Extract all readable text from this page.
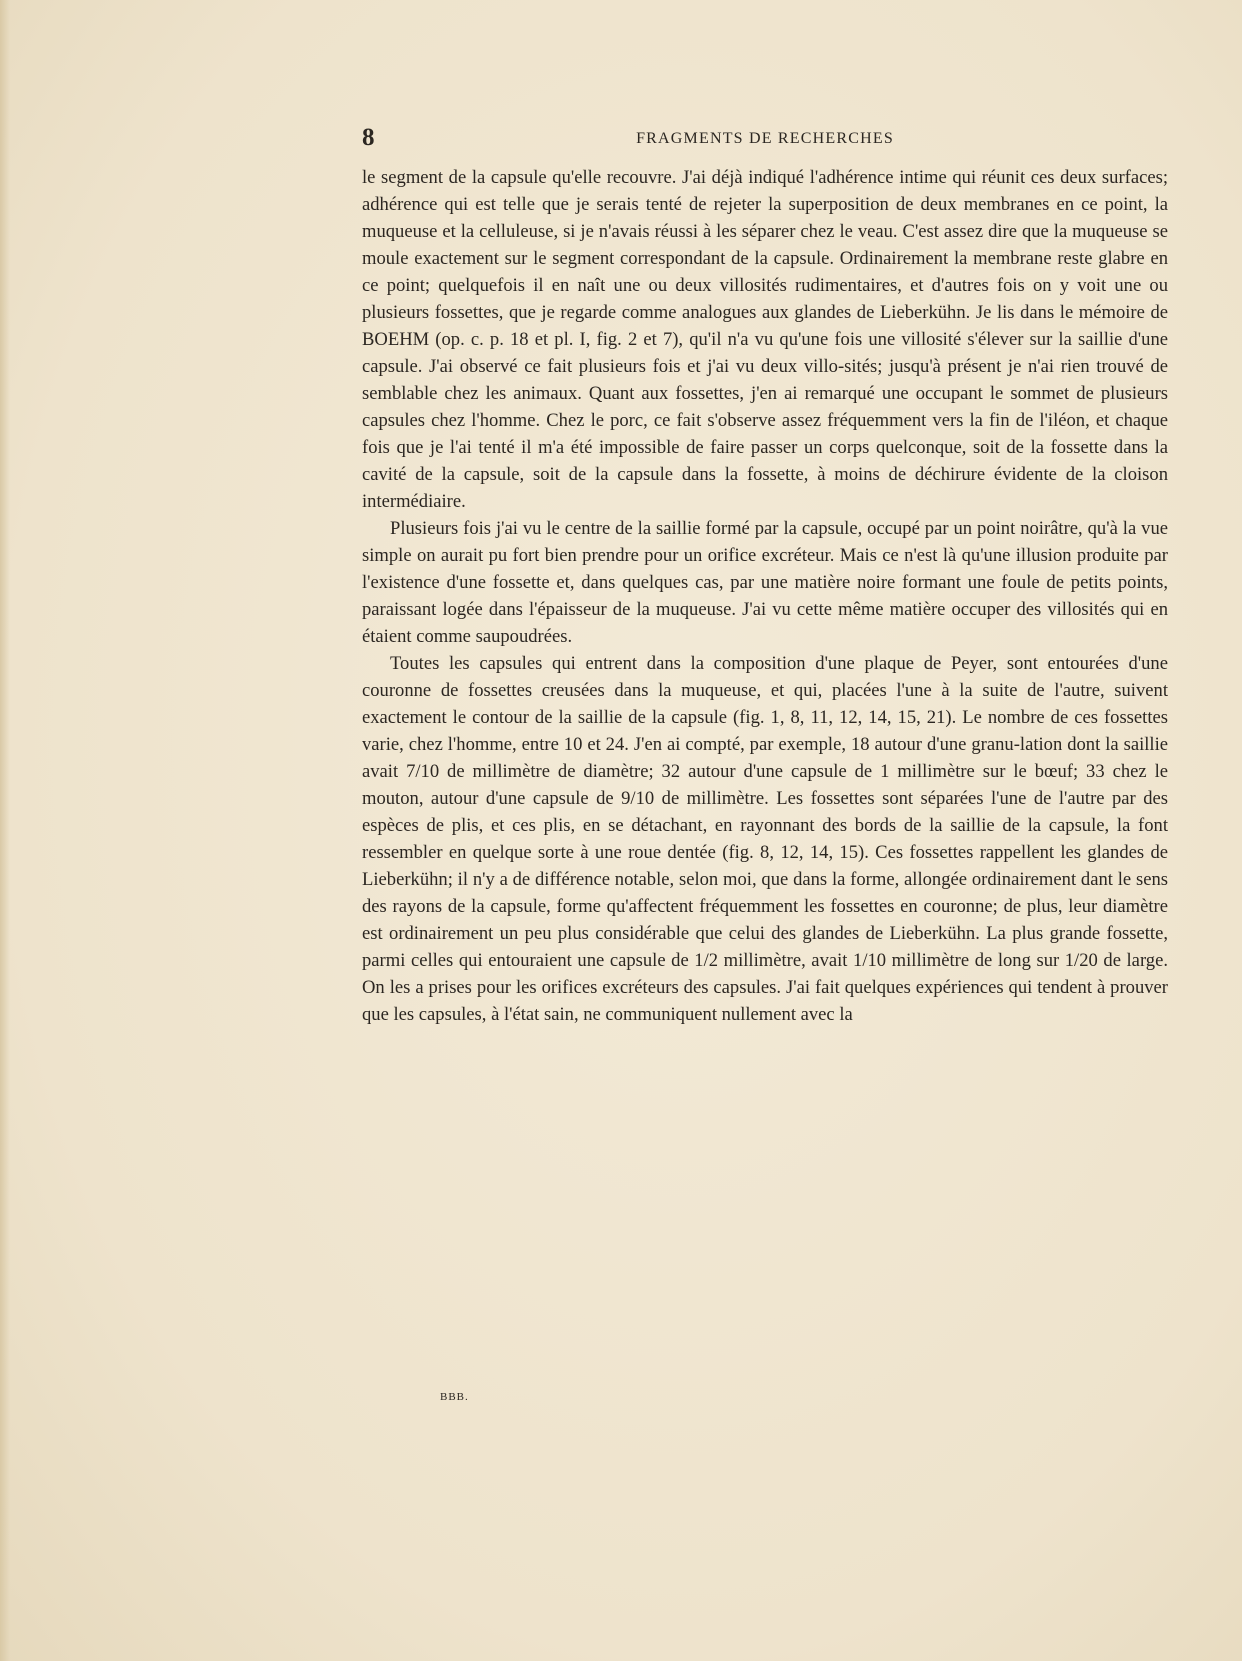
8	FRAGMENTS DE RECHERCHES

le segment de la capsule qu'elle recouvre. J'ai déjà indiqué l'adhérence intime qui réunit ces deux surfaces; adhérence qui est telle que je serais tenté de rejeter la superposition de deux membranes en ce point, la muqueuse et la celluleuse, si je n'avais réussi à les séparer chez le veau. C'est assez dire que la muqueuse se moule exactement sur le segment correspondant de la capsule. Ordinairement la membrane reste glabre en ce point; quelquefois il en naît une ou deux villosités rudimentaires, et d'autres fois on y voit une ou plusieurs fossettes, que je regarde comme analogues aux glandes de Lieberkühn. Je lis dans le mémoire de BOEHM (op. c. p. 18 et pl. I, fig. 2 et 7), qu'il n'a vu qu'une fois une villosité s'élever sur la saillie d'une capsule. J'ai observé ce fait plusieurs fois et j'ai vu deux villo-sités; jusqu'à présent je n'ai rien trouvé de semblable chez les animaux. Quant aux fossettes, j'en ai remarqué une occupant le sommet de plusieurs capsules chez l'homme. Chez le porc, ce fait s'observe assez fréquemment vers la fin de l'iléon, et chaque fois que je l'ai tenté il m'a été impossible de faire passer un corps quelconque, soit de la fossette dans la cavité de la capsule, soit de la capsule dans la fossette, à moins de déchirure évidente de la cloison intermédiaire.

Plusieurs fois j'ai vu le centre de la saillie formé par la capsule, occupé par un point noirâtre, qu'à la vue simple on aurait pu fort bien prendre pour un orifice excréteur. Mais ce n'est là qu'une illusion produite par l'existence d'une fossette et, dans quelques cas, par une matière noire formant une foule de petits points, paraissant logée dans l'épaisseur de la muqueuse. J'ai vu cette même matière occuper des villosités qui en étaient comme saupoudrées.

Toutes les capsules qui entrent dans la composition d'une plaque de Peyer, sont entourées d'une couronne de fossettes creusées dans la muqueuse, et qui, placées l'une à la suite de l'autre, suivent exactement le contour de la saillie de la capsule (fig. 1, 8, 11, 12, 14, 15, 21). Le nombre de ces fossettes varie, chez l'homme, entre 10 et 24. J'en ai compté, par exemple, 18 autour d'une granu-lation dont la saillie avait 7/10 de millimètre de diamètre; 32 autour d'une capsule de 1 millimètre sur le bœuf; 33 chez le mouton, autour d'une capsule de 9/10 de millimètre. Les fossettes sont séparées l'une de l'autre par des espèces de plis, et ces plis, en se détachant, en rayonnant des bords de la saillie de la capsule, la font ressembler en quelque sorte à une roue dentée (fig. 8, 12, 14, 15). Ces fossettes rappellent les glandes de Lieberkühn; il n'y a de différence notable, selon moi, que dans la forme, allongée ordinairement dant le sens des rayons de la capsule, forme qu'affectent fréquemment les fossettes en couronne; de plus, leur diamètre est ordinairement un peu plus considérable que celui des glandes de Lieberkühn. La plus grande fossette, parmi celles qui entouraient une capsule de 1/2 millimètre, avait 1/10 millimètre de long sur 1/20 de large. On les a prises pour les orifices excréteurs des capsules. J'ai fait quelques expériences qui tendent à prouver que les capsules, à l'état sain, ne communiquent nullement avec la

BBB.
